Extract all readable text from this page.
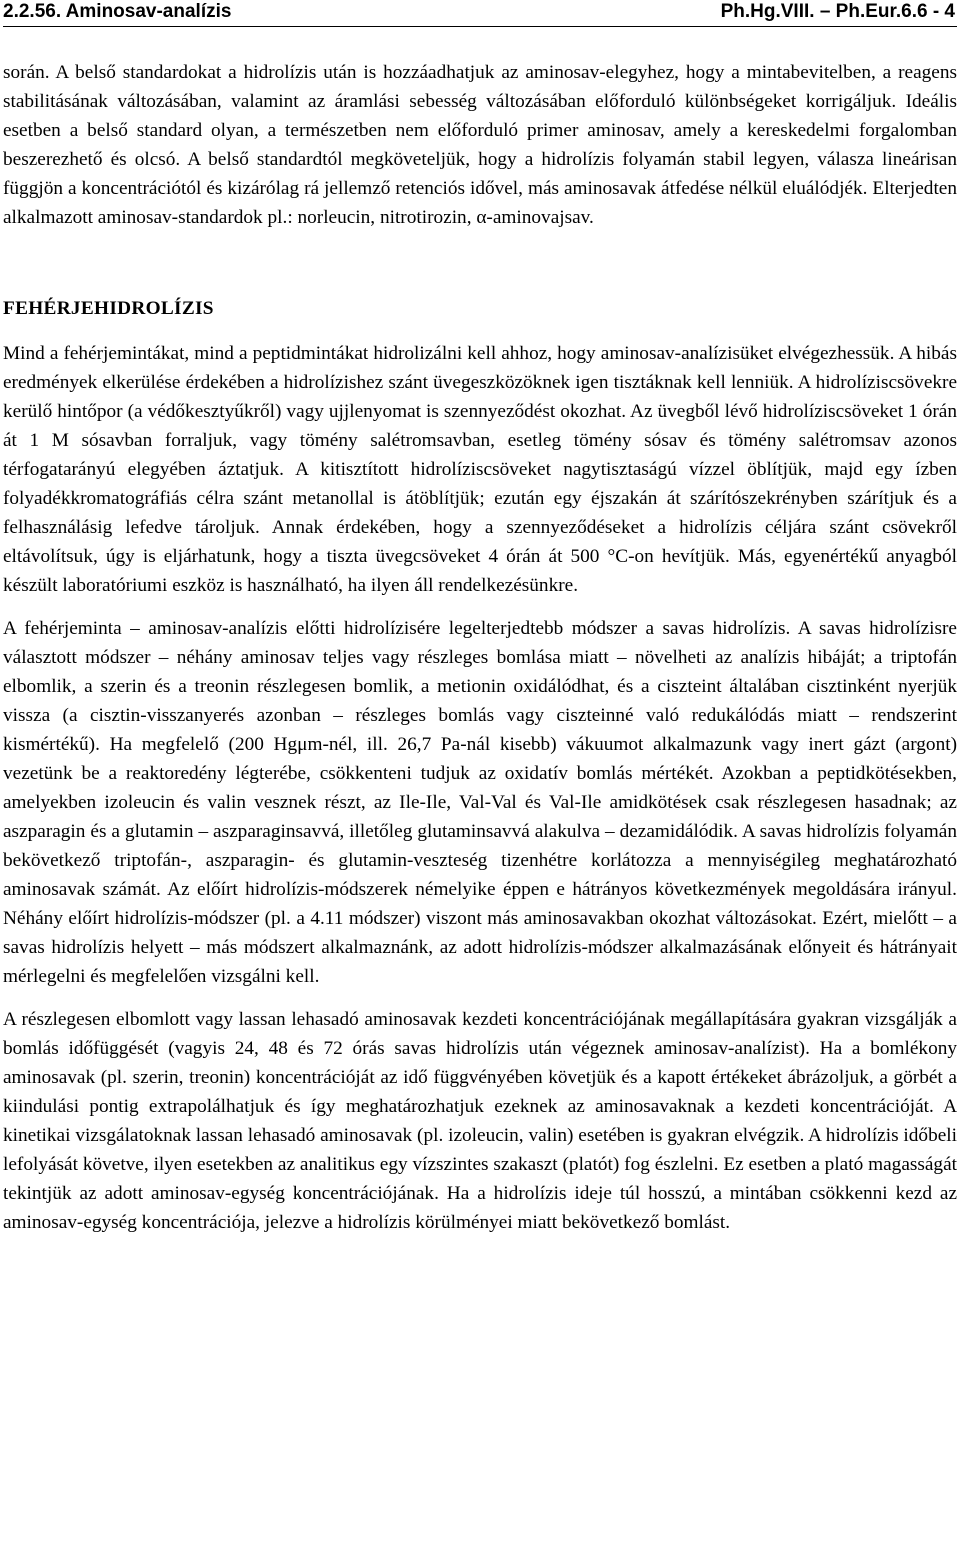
2.2.56. Aminosav-analízis	Ph.Hg.VIII. – Ph.Eur.6.6 - 4

során. A belső standardokat a hidrolízis után is hozzáadhatjuk az aminosav-elegyhez, hogy a mintabevitelben, a reagens stabilitásának változásában, valamint az áramlási sebesség változásában előforduló különbségeket korrigáljuk. Ideális esetben a belső standard olyan, a természetben nem előforduló primer aminosav, amely a kereskedelmi forgalomban beszerezhető és olcsó. A belső standardtól megköveteljük, hogy a hidrolízis folyamán stabil legyen, válasza lineárisan függjön a koncentrációtól és kizárólag rá jellemző retenciós idővel, más aminosavak átfedése nélkül eluálódjék. Elterjedten alkalmazott aminosav-standardok pl.: norleucin, nitrotirozin, α-aminovajsav.

FEHÉRJEHIDROLÍZIS

Mind a fehérjemintákat, mind a peptidmintákat hidrolizálni kell ahhoz, hogy aminosav-analízisüket elvégezhessük. A hibás eredmények elkerülése érdekében a hidrolízishez szánt üvegeszközöknek igen tisztáknak kell lenniük. A hidrolíziscsövekre kerülő hintőpor (a védőkesztyűkről) vagy ujjlenyomat is szennyeződést okozhat. Az üvegből lévő hidrolíziscsöveket 1 órán át 1 M sósavban forraljuk, vagy tömény salétromsavban, esetleg tömény sósav és tömény salétromsav azonos térfogatarányú elegyében áztatjuk. A kitisztított hidrolíziscsöveket nagytisztaságú vízzel öblítjük, majd egy ízben folyadékkromatográfiás célra szánt metanollal is átöblítjük; ezután egy éjszakán át szárítószekrényben szárítjuk és a felhasználásig lefedve tároljuk. Annak érdekében, hogy a szennyeződéseket a hidrolízis céljára szánt csövekről eltávolítsuk, úgy is eljárhatunk, hogy a tiszta üvegcsöveket 4 órán át 500 °C-on hevítjük. Más, egyenértékű anyagból készült laboratóriumi eszköz is használható, ha ilyen áll rendelkezésünkre.

A fehérjeminta – aminosav-analízis előtti hidrolízisére legelterjedtebb módszer a savas hidrolízis. A savas hidrolízisre választott módszer – néhány aminosav teljes vagy részleges bomlása miatt – növelheti az analízis hibáját; a triptofán elbomlik, a szerin és a treonin részlegesen bomlik, a metionin oxidálódhat, és a ciszteint általában cisztinként nyerjük vissza (a cisztin-visszanyerés azonban – részleges bomlás vagy ciszteinné való redukálódás miatt – rendszerint kismértékű). Ha megfelelő (200 Hgμm-nél, ill. 26,7 Pa-nál kisebb) vákuumot alkalmazunk vagy inert gázt (argont) vezetünk be a reaktoredény légterébe, csökkenteni tudjuk az oxidatív bomlás mértékét. Azokban a peptidkötésekben, amelyekben izoleucin és valin vesznek részt, az Ile-Ile, Val-Val és Val-Ile amidkötések csak részlegesen hasadnak; az aszparagin és a glutamin – aszparaginsavvá, illetőleg glutaminsavvá alakulva – dezamidálódik. A savas hidrolízis folyamán bekövetkező triptofán-, aszparagin- és glutamin-veszteség tizenhétre korlátozza a mennyiségileg meghatározható aminosavak számát. Az előírt hidrolízis-módszerek némelyike éppen e hátrányos következmények megoldására irányul. Néhány előírt hidrolízis-módszer (pl. a 4.11 módszer) viszont más aminosavakban okozhat változásokat. Ezért, mielőtt – a savas hidrolízis helyett – más módszert alkalmaznánk, az adott hidrolízis-módszer alkalmazásának előnyeit és hátrányait mérlegelni és megfelelően vizsgálni kell.

A részlegesen elbomlott vagy lassan lehasadó aminosavak kezdeti koncentrációjának megállapítására gyakran vizsgálják a bomlás időfüggését (vagyis 24, 48 és 72 órás savas hidrolízis után végeznek aminosav-analízist). Ha a bomlékony aminosavak (pl. szerin, treonin) koncentrációját az idő függvényében követjük és a kapott értékeket ábrázoljuk, a görbét a kiindulási pontig extrapolálhatjuk és így meghatározhatjuk ezeknek az aminosavaknak a kezdeti koncentrációját. A kinetikai vizsgálatoknak lassan lehasadó aminosavak (pl. izoleucin, valin) esetében is gyakran elvégzik. A hidrolízis időbeli lefolyását követve, ilyen esetekben az analitikus egy vízszintes szakaszt (platót) fog észlelni. Ez esetben a plató magasságát tekintjük az adott aminosav-egység koncentrációjának. Ha a hidrolízis ideje túl hosszú, a mintában csökkenni kezd az aminosav-egység koncentrációja, jelezve a hidrolízis körülményei miatt bekövetkező bomlást.
